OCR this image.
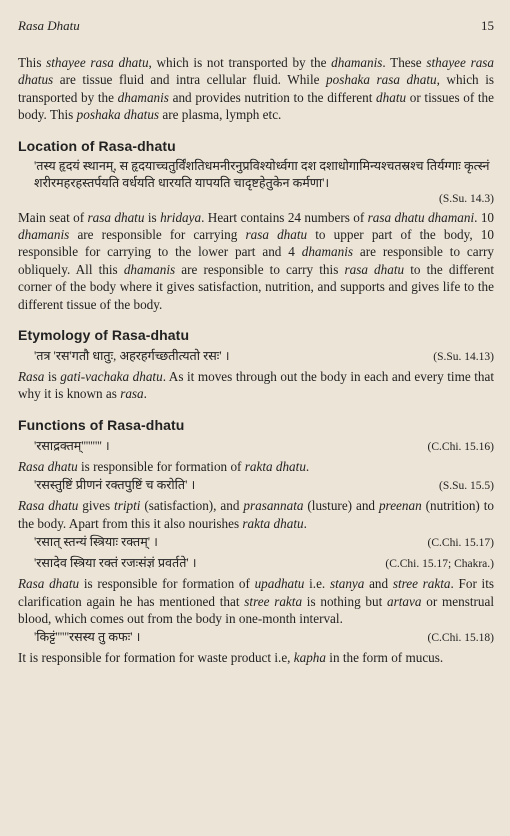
Rasa Dhatu	15

This sthayee rasa dhatu, which is not transported by the dhamanis. These sthayee rasa dhatus are tissue fluid and intra cellular fluid. While poshaka rasa dhatu, which is transported by the dhamanis and provides nutrition to the different dhatu or tissues of the body. This poshaka dhatus are plasma, lymph etc.

Location of Rasa-dhatu
'तस्य हृदयं स्थानम्, स हृदयाच्चतुर्विंशतिधमनीरनुप्रविश्योर्ध्वगा दश दशाधोगामिन्यश्चतस्रश्च तिर्यग्गाः कृत्स्नं शरीरमहरहस्तर्पयति वर्धयति धारयति यापयति चादृष्टहेतुकेन कर्मणा'।
(S.Su. 14.3)

Main seat of rasa dhatu is hridaya. Heart contains 24 numbers of rasa dhatu dhamani. 10 dhamanis are responsible for carrying rasa dhatu to upper part of the body, 10 responsible for carrying to the lower part and 4 dhamanis are responsible to carry obliquely. All this dhamanis are responsible to carry this rasa dhatu to the different corner of the body where it gives satisfaction, nutrition, and supports and gives life to the different tissue of the body.

Etymology of Rasa-dhatu
'तत्र 'रस'गतौ धातुः, अहरहर्गच्छतीत्यतो रसः' ।	(S.Su. 14.13)

Rasa is gati-vachaka dhatu. As it moves through out the body in each and every time that why it is known as rasa.

Functions of Rasa-dhatu
'रसाद्रक्तम्''''''''' ।	(C.Chi. 15.16)

Rasa dhatu is responsible for formation of rakta dhatu.

'रसस्तुष्टिं प्रीणनं रक्तपुष्टिं च करोति' ।	(S.Su. 15.5)

Rasa dhatu gives tripti (satisfaction), and prasannata (lusture) and preenan (nutrition) to the body. Apart from this it also nourishes rakta dhatu.

'रसात् स्तन्यं स्त्रियाः रक्तम्' ।	(C.Chi. 15.17)
'रसादेव स्त्रिया रक्तं रजःसंज्ञं प्रवर्तते' ।	(C.Chi. 15.17; Chakra.)

Rasa dhatu is responsible for formation of upadhatu i.e. stanya and stree rakta. For its clarification again he has mentioned that stree rakta is nothing but artava or menstrual blood, which comes out from the body in one-month interval.

'किट्टं''''''रसस्य तु कफः' ।	(C.Chi. 15.18)

It is responsible for formation for waste product i.e, kapha in the form of mucus.
